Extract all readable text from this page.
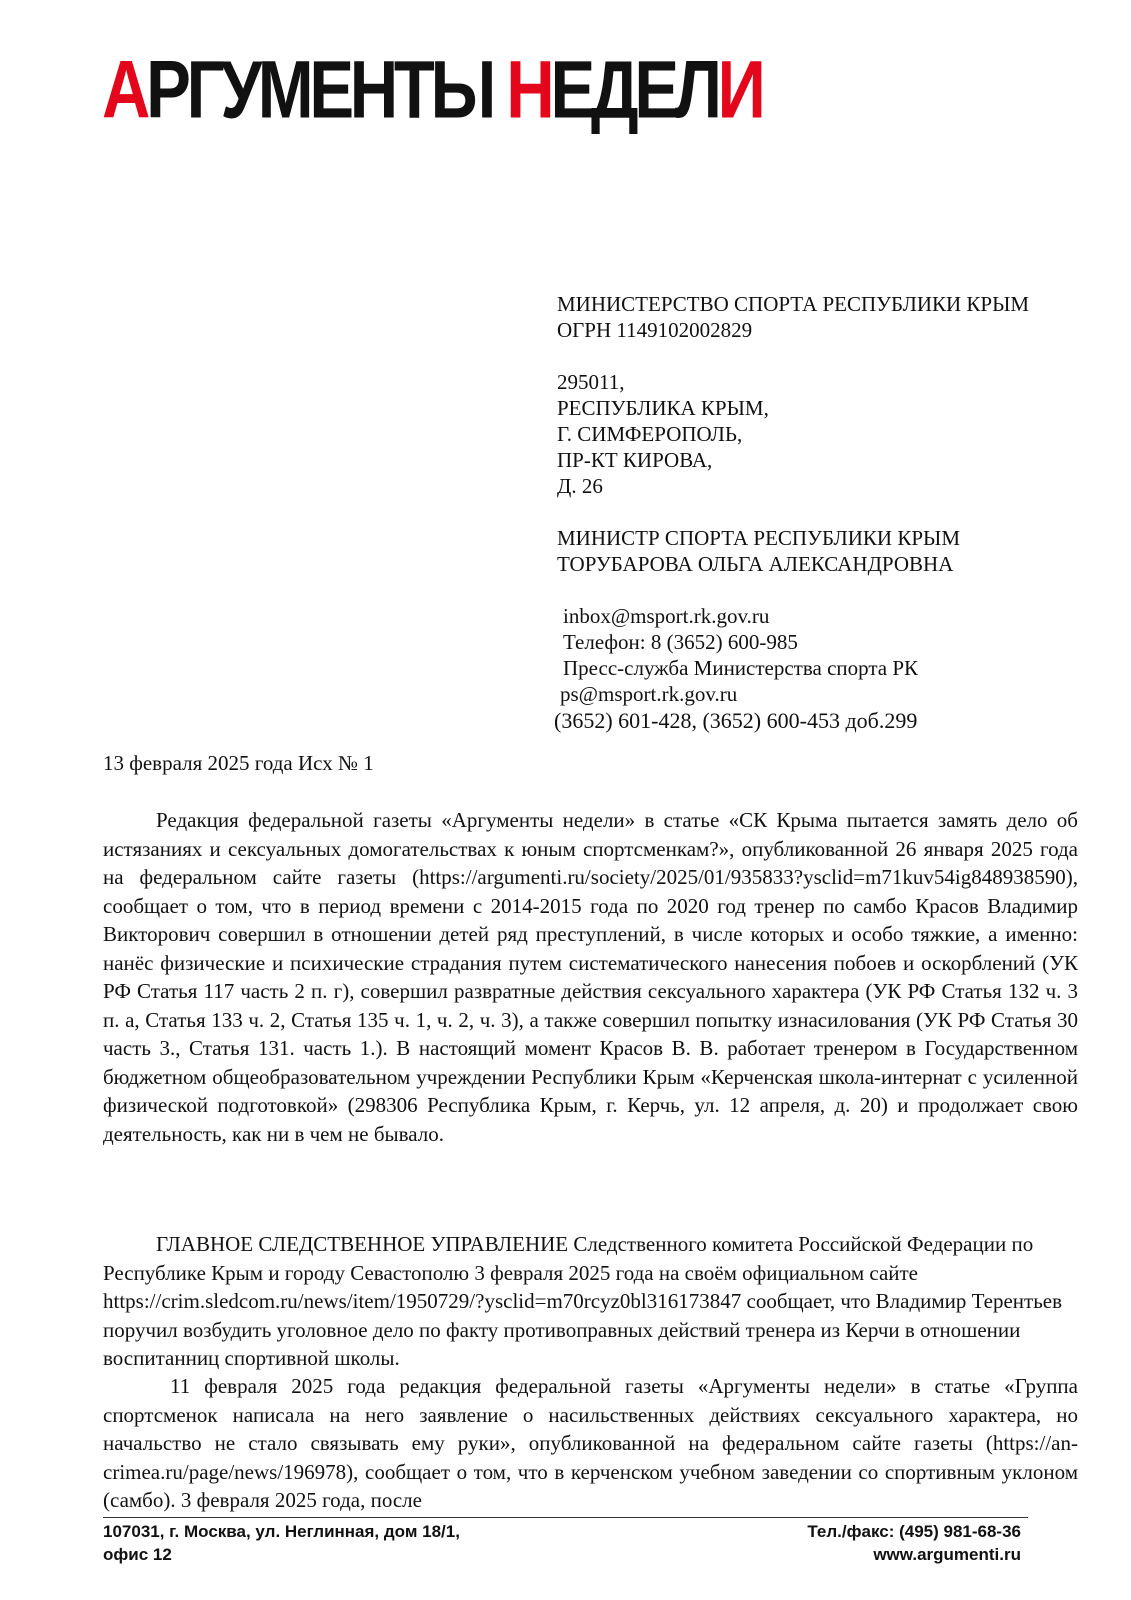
АРГУМЕНТЫ НЕДЕЛИ
МИНИСТЕРСТВО СПОРТА РЕСПУБЛИКИ КРЫМ
ОГРН 1149102002829
295011,
РЕСПУБЛИКА КРЫМ,
Г. СИМФЕРОПОЛЬ,
ПР-КТ КИРОВА,
Д. 26
МИНИСТР СПОРТА РЕСПУБЛИКИ КРЫМ
ТОРУБАРОВА ОЛЬГА АЛЕКСАНДРОВНА
inbox@msport.rk.gov.ru
Телефон: 8 (3652) 600-985
Пресс-служба Министерства спорта РК
ps@msport.rk.gov.ru
(3652) 601-428, (3652) 600-453 доб.299
13 февраля 2025 года Исх № 1
Редакция федеральной газеты «Аргументы недели» в статье «СК Крыма пытается замять дело об истязаниях и сексуальных домогательствах к юным спортсменкам?», опубликованной 26 января 2025 года на федеральном сайте газеты (https://argumenti.ru/society/2025/01/935833?ysclid=m71kuv54ig848938590), сообщает о том, что в период времени с 2014-2015 года по 2020 год тренер по самбо Красов Владимир Викторович совершил в отношении детей ряд преступлений, в числе которых и особо тяжкие, а именно: нанёс физические и психические страдания путем систематического нанесения побоев и оскорблений (УК РФ Статья 117 часть 2 п. г), совершил развратные действия сексуального характера (УК РФ Статья 132 ч. 3 п. а, Статья 133 ч. 2, Статья 135 ч. 1, ч. 2, ч. 3), а также совершил попытку изнасилования (УК РФ Статья 30 часть 3., Статья 131. часть 1.). В настоящий момент Красов В. В. работает тренером в Государственном бюджетном общеобразовательном учреждении Республики Крым «Керченская школа-интернат с усиленной физической подготовкой» (298306 Республика Крым, г. Керчь, ул. 12 апреля, д. 20) и продолжает свою деятельность, как ни в чем не бывало.
ГЛАВНОЕ СЛЕДСТВЕННОЕ УПРАВЛЕНИЕ Следственного комитета Российской Федерации по Республике Крым и городу Севастополю 3 февраля 2025 года на своём официальном сайте https://crim.sledcom.ru/news/item/1950729/?ysclid=m70rcyz0bl316173847 сообщает, что Владимир Терентьев поручил возбудить уголовное дело по факту противоправных действий тренера из Керчи в отношении воспитанниц спортивной школы.
11 февраля 2025 года редакция федеральной газеты «Аргументы недели» в статье «Группа спортсменок написала на него заявление о насильственных действиях сексуального характера, но начальство не стало связывать ему руки», опубликованной на федеральном сайте газеты (https://an-crimea.ru/page/news/196978), сообщает о том, что в керченском учебном заведении со спортивным уклоном (самбо). 3 февраля 2025 года, после
107031, г. Москва, ул. Неглинная, дом 18/1,
офис 12
Тел./факс: (495) 981-68-36
www.argumenti.ru
